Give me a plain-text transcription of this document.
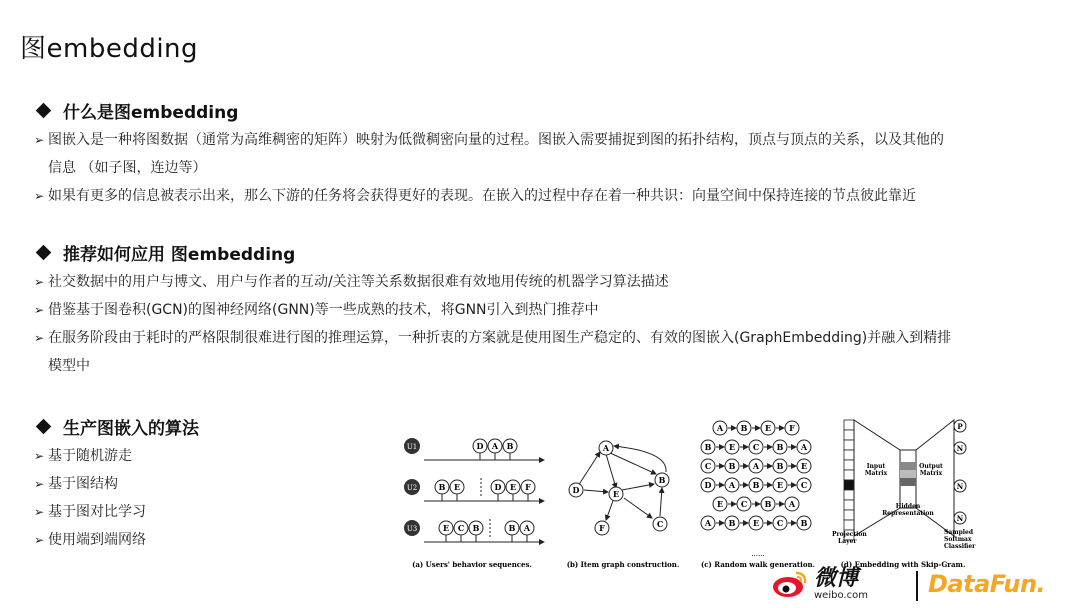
图embedding
什么是图embedding
➢ 图嵌入是一种将图数据（通常为高维稠密的矩阵）映射为低微稠密向量的过程。图嵌入需要捕捉到图的拓扑结构，顶点与顶点的关系，以及其他的
信息 （如子图，连边等）
➢ 如果有更多的信息被表示出来，那么下游的任务将会获得更好的表现。在嵌入的过程中存在着一种共识：向量空间中保持连接的节点彼此靠近
推荐如何应用 图embedding
➢ 社交数据中的用户与博文、用户与作者的互动/关注等关系数据很难有效地用传统的机器学习算法描述
➢ 借鉴基于图卷积(GCN)的图神经网络(GNN)等一些成熟的技术，将GNN引入到热门推荐中
➢ 在服务阶段由于耗时的严格限制很难进行图的推理运算，一种折衷的方案就是使用图生产稳定的、有效的图嵌入(GraphEmbedding)并融入到精排
模型中
生产图嵌入的算法
➢ 基于随机游走
➢ 基于图结构
➢ 基于图对比学习
➢ 使用端到端网络
U1
U2
U3
D A B
B E	D E F
E C B	B A
(a) Users' behavior sequences.
A
B
D	E
F	C
(b) Item graph construction.
A B E F
B E C B A
C B A B E
D A B E C
E C B A
A B E C B
......
(c) Random walk generation.
Input Matrix
Output Matrix
Hidden Representation
Projection Layer
Sampled Softmax Classifier
P
N
N
N
(d) Embedding with Skip-Gram.
微博
weibo.com	DataFun.
